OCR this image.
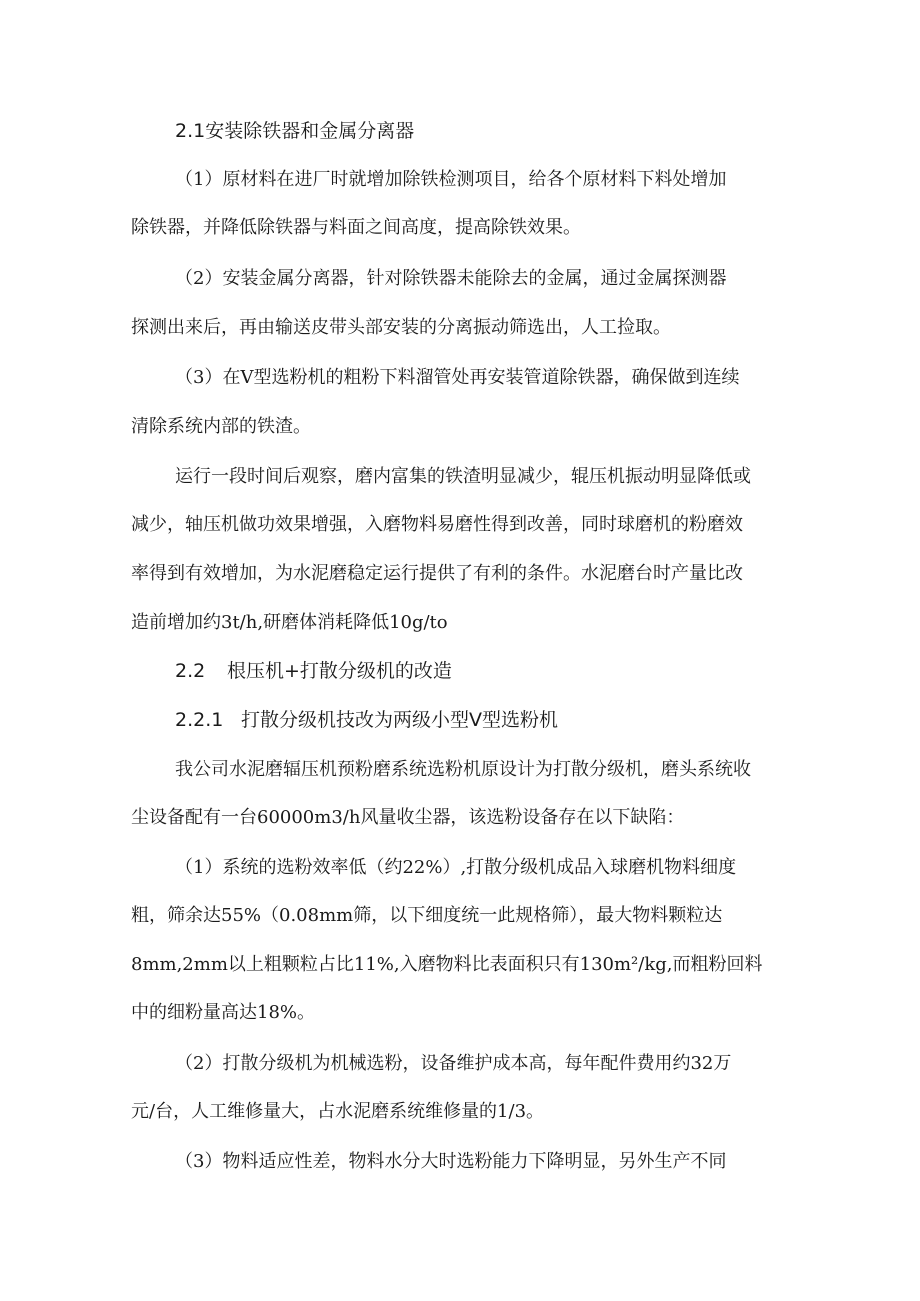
2.1安装除铁器和金属分离器
（1）原材料在进厂时就增加除铁检测项目，给各个原材料下料处增加
除铁器，并降低除铁器与料面之间高度，提高除铁效果。
（2）安装金属分离器，针对除铁器未能除去的金属，通过金属探测器
探测出来后，再由输送皮带头部安装的分离振动筛选出，人工捡取。
（3）在V型选粉机的粗粉下料溜管处再安装管道除铁器，确保做到连续
清除系统内部的铁渣。
运行一段时间后观察，磨内富集的铁渣明显减少，辊压机振动明显降低或
减少，轴压机做功效果增强，入磨物料易磨性得到改善，同时球磨机的粉磨效
率得到有效增加，为水泥磨稳定运行提供了有利的条件。水泥磨台时产量比改
造前增加约3t/h,研磨体消耗降低10g/to
2.2 根压机+打散分级机的改造
2.2.1 打散分级机技改为两级小型V型选粉机
我公司水泥磨辐压机预粉磨系统选粉机原设计为打散分级机，磨头系统收
尘设备配有一台60000m3/h风量收尘器，该选粉设备存在以下缺陷：
（1）系统的选粉效率低（约22%）,打散分级机成品入球磨机物料细度
粗，筛余达55%（0.08mm筛，以下细度统一此规格筛），最大物料颗粒达
8mm,2mm以上粗颗粒占比11%,入磨物料比表面积只有130m²/kg,而粗粉回料
中的细粉量高达18%。
（2）打散分级机为机械选粉，设备维护成本高，每年配件费用约32万
元/台，人工维修量大，占水泥磨系统维修量的1/3。
（3）物料适应性差，物料水分大时选粉能力下降明显，另外生产不同
